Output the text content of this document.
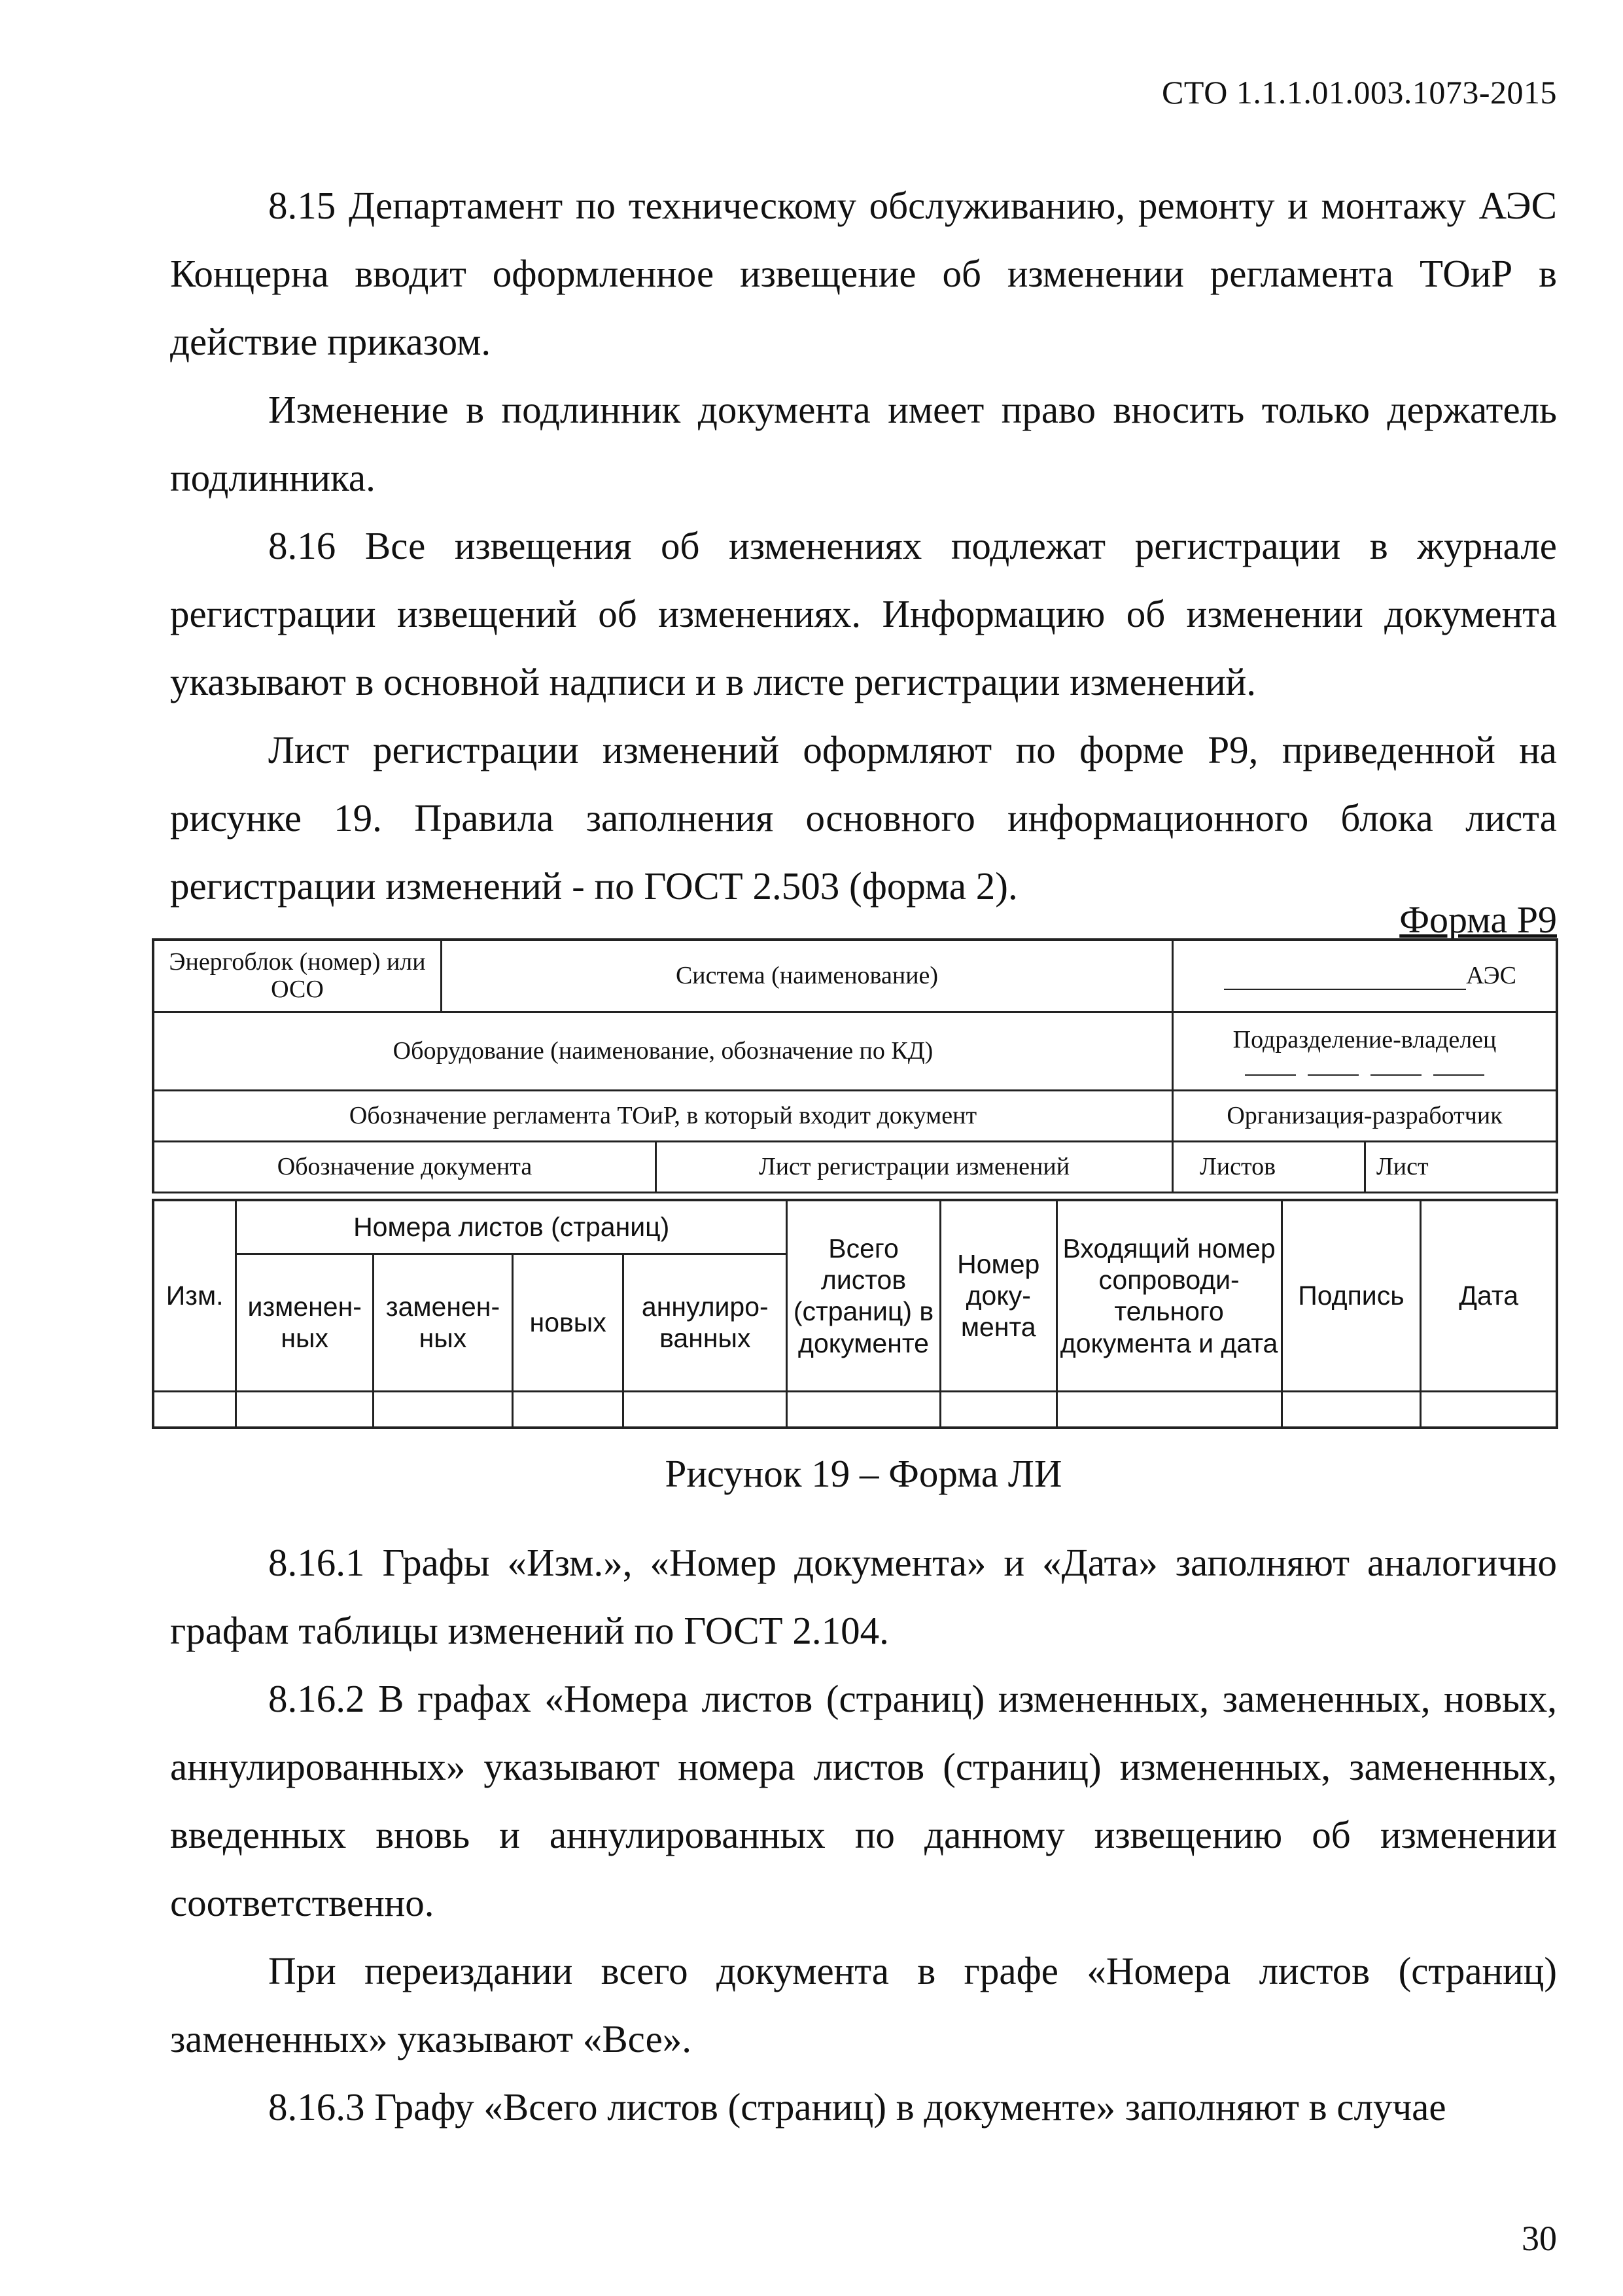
СТО 1.1.1.01.003.1073-2015

8.15 Департамент по техническому обслуживанию, ремонту и монтажу АЭС Концерна вводит оформленное извещение об изменении регламента ТОиР в действие приказом.

Изменение в подлинник документа имеет право вносить только держатель подлинника.

8.16 Все извещения об изменениях подлежат регистрации в журнале регистрации извещений об изменениях. Информацию об изменении документа указывают в основной надписи и в листе регистрации изменений.

Лист регистрации изменений оформляют по форме Р9, приведенной на рисунке 19. Правила заполнения основного информационного блока листа регистрации изменений - по ГОСТ 2.503 (форма 2).

Форма Р9
Энергоблок (номер) или ОСО	Система (наименование)	АЭС
Оборудование (наименование, обозначение по КД)	Подразделение-владелец
Обозначение регламента ТОиР, в который входит документ	Организация-разработчик
Обозначение документа	Лист регистрации изменений	Листов	Лист
Изм.	Номера листов (страниц)				Всего листов (страниц) в документе	Номер доку-мента	Входящий номер сопроводи-тельного документа и дата	Подпись	Дата
	изменен-ных	заменен-ных	новых	аннулиро-ванных					

Рисунок 19 – Форма ЛИ

8.16.1 Графы «Изм.», «Номер документа» и «Дата» заполняют аналогично графам таблицы изменений по ГОСТ 2.104.

8.16.2 В графах «Номера листов (страниц) измененных, замененных, новых, аннулированных» указывают номера листов (страниц) измененных, замененных, введенных вновь и аннулированных по данному извещению об изменении соответственно.

При переиздании всего документа в графе «Номера листов (страниц) замененных» указывают «Все».

8.16.3 Графу «Всего листов (страниц) в документе» заполняют в случае

30
